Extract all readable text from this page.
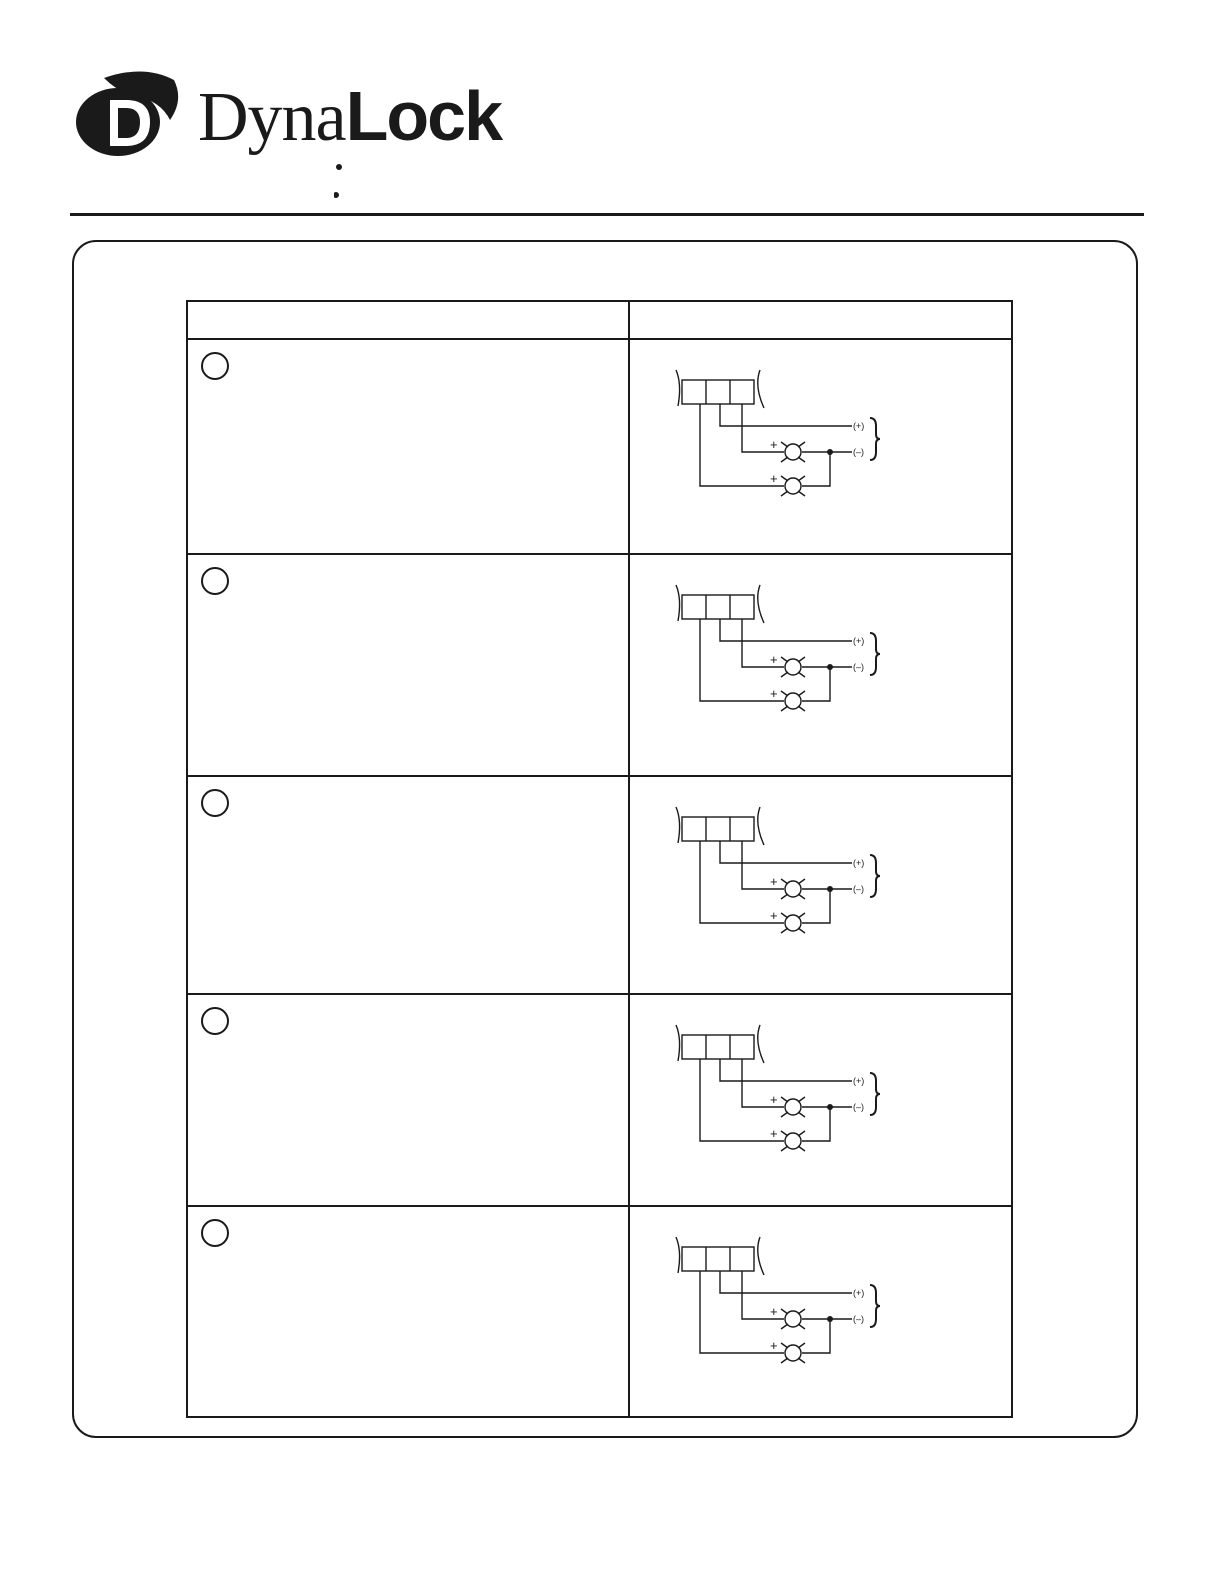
D
DynaLock
(+)
(–)
+
+
(+)
(–)
+
+
(+)
(–)
+
+
(+)
(–)
+
+
(+)
(–)
+
+
